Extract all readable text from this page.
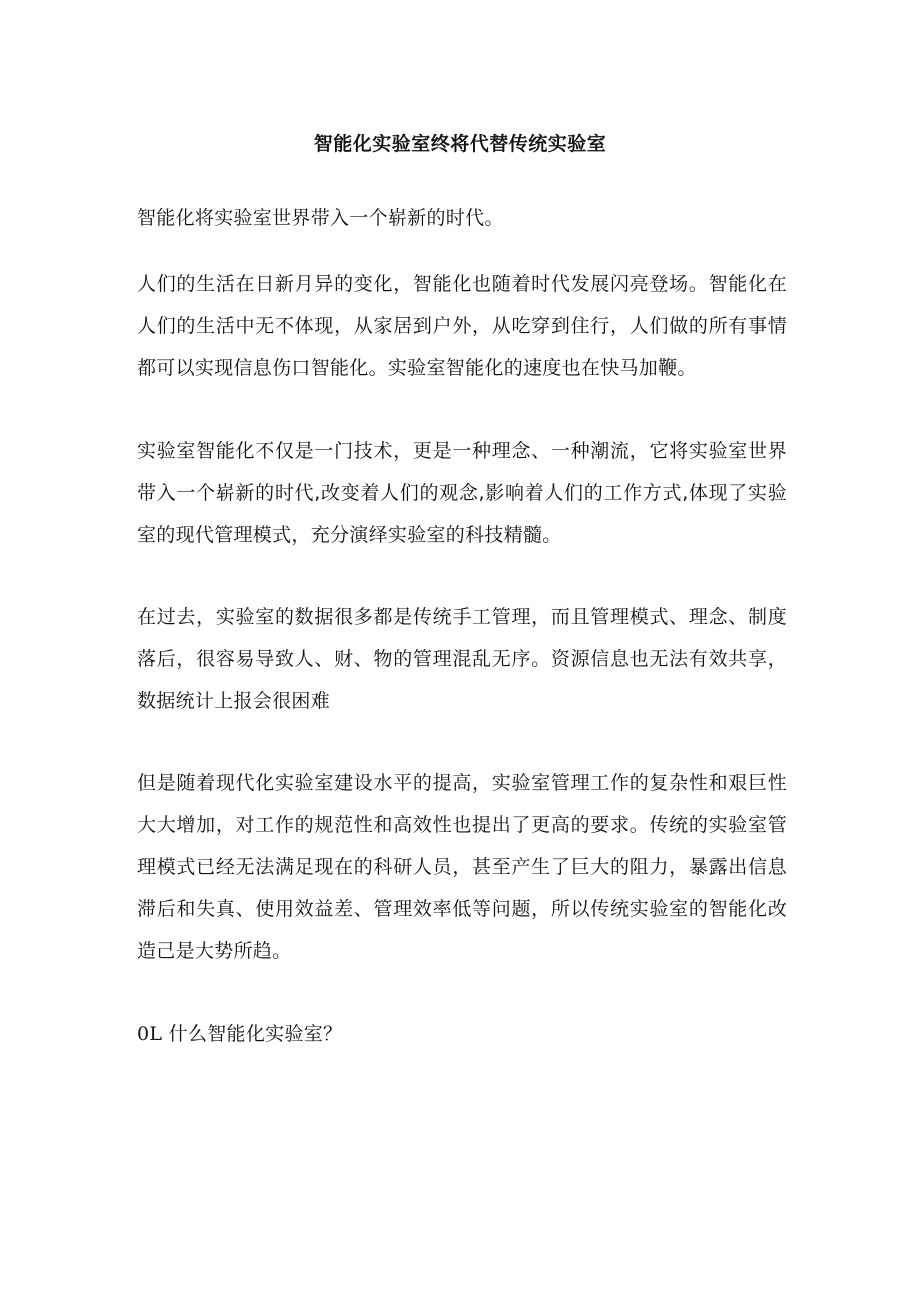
智能化实验室终将代替传统实验室
智能化将实验室世界带入一个崭新的时代。
人们的生活在日新月异的变化，智能化也随着时代发展闪亮登场。智能化在人们的生活中无不体现，从家居到户外，从吃穿到住行，人们做的所有事情都可以实现信息伤口智能化。实验室智能化的速度也在快马加鞭。
实验室智能化不仅是一门技术，更是一种理念、一种潮流，它将实验室世界带入一个崭新的时代,改变着人们的观念,影响着人们的工作方式,体现了实验室的现代管理模式，充分演绎实验室的科技精髓。
在过去，实验室的数据很多都是传统手工管理，而且管理模式、理念、制度落后，很容易导致人、财、物的管理混乱无序。资源信息也无法有效共享，数据统计上报会很困难
但是随着现代化实验室建设水平的提高，实验室管理工作的复杂性和艰巨性大大增加，对工作的规范性和高效性也提出了更高的要求。传统的实验室管理模式已经无法满足现在的科研人员，甚至产生了巨大的阻力，暴露出信息滞后和失真、使用效益差、管理效率低等问题，所以传统实验室的智能化改造己是大势所趋。
0L 什么智能化实验室？
